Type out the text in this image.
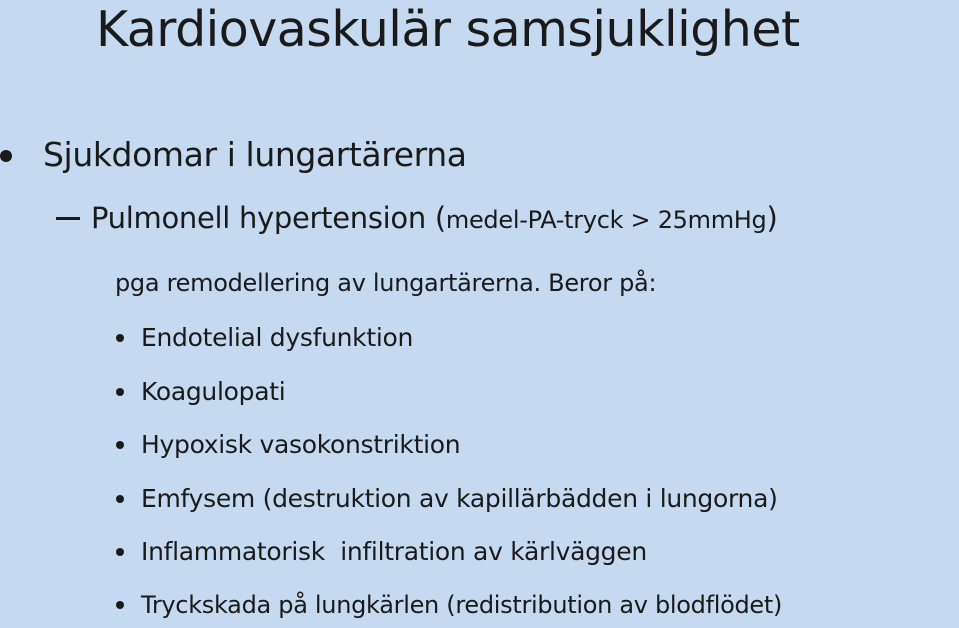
Kardiovaskulär samsjuklighet
Sjukdomar i lungartärerna
Pulmonell hypertension (medel-PA-tryck > 25mmHg)
pga remodellering av lungartärerna. Beror på:
Endotelial dysfunktion
Koagulopati
Hypoxisk vasokonstriktion
Emfysem (destruktion av kapillärbädden i lungorna)
Inflammatorisk  infiltration av kärlväggen
Tryckskada på lungkärlen (redistribution av blodflödet)
